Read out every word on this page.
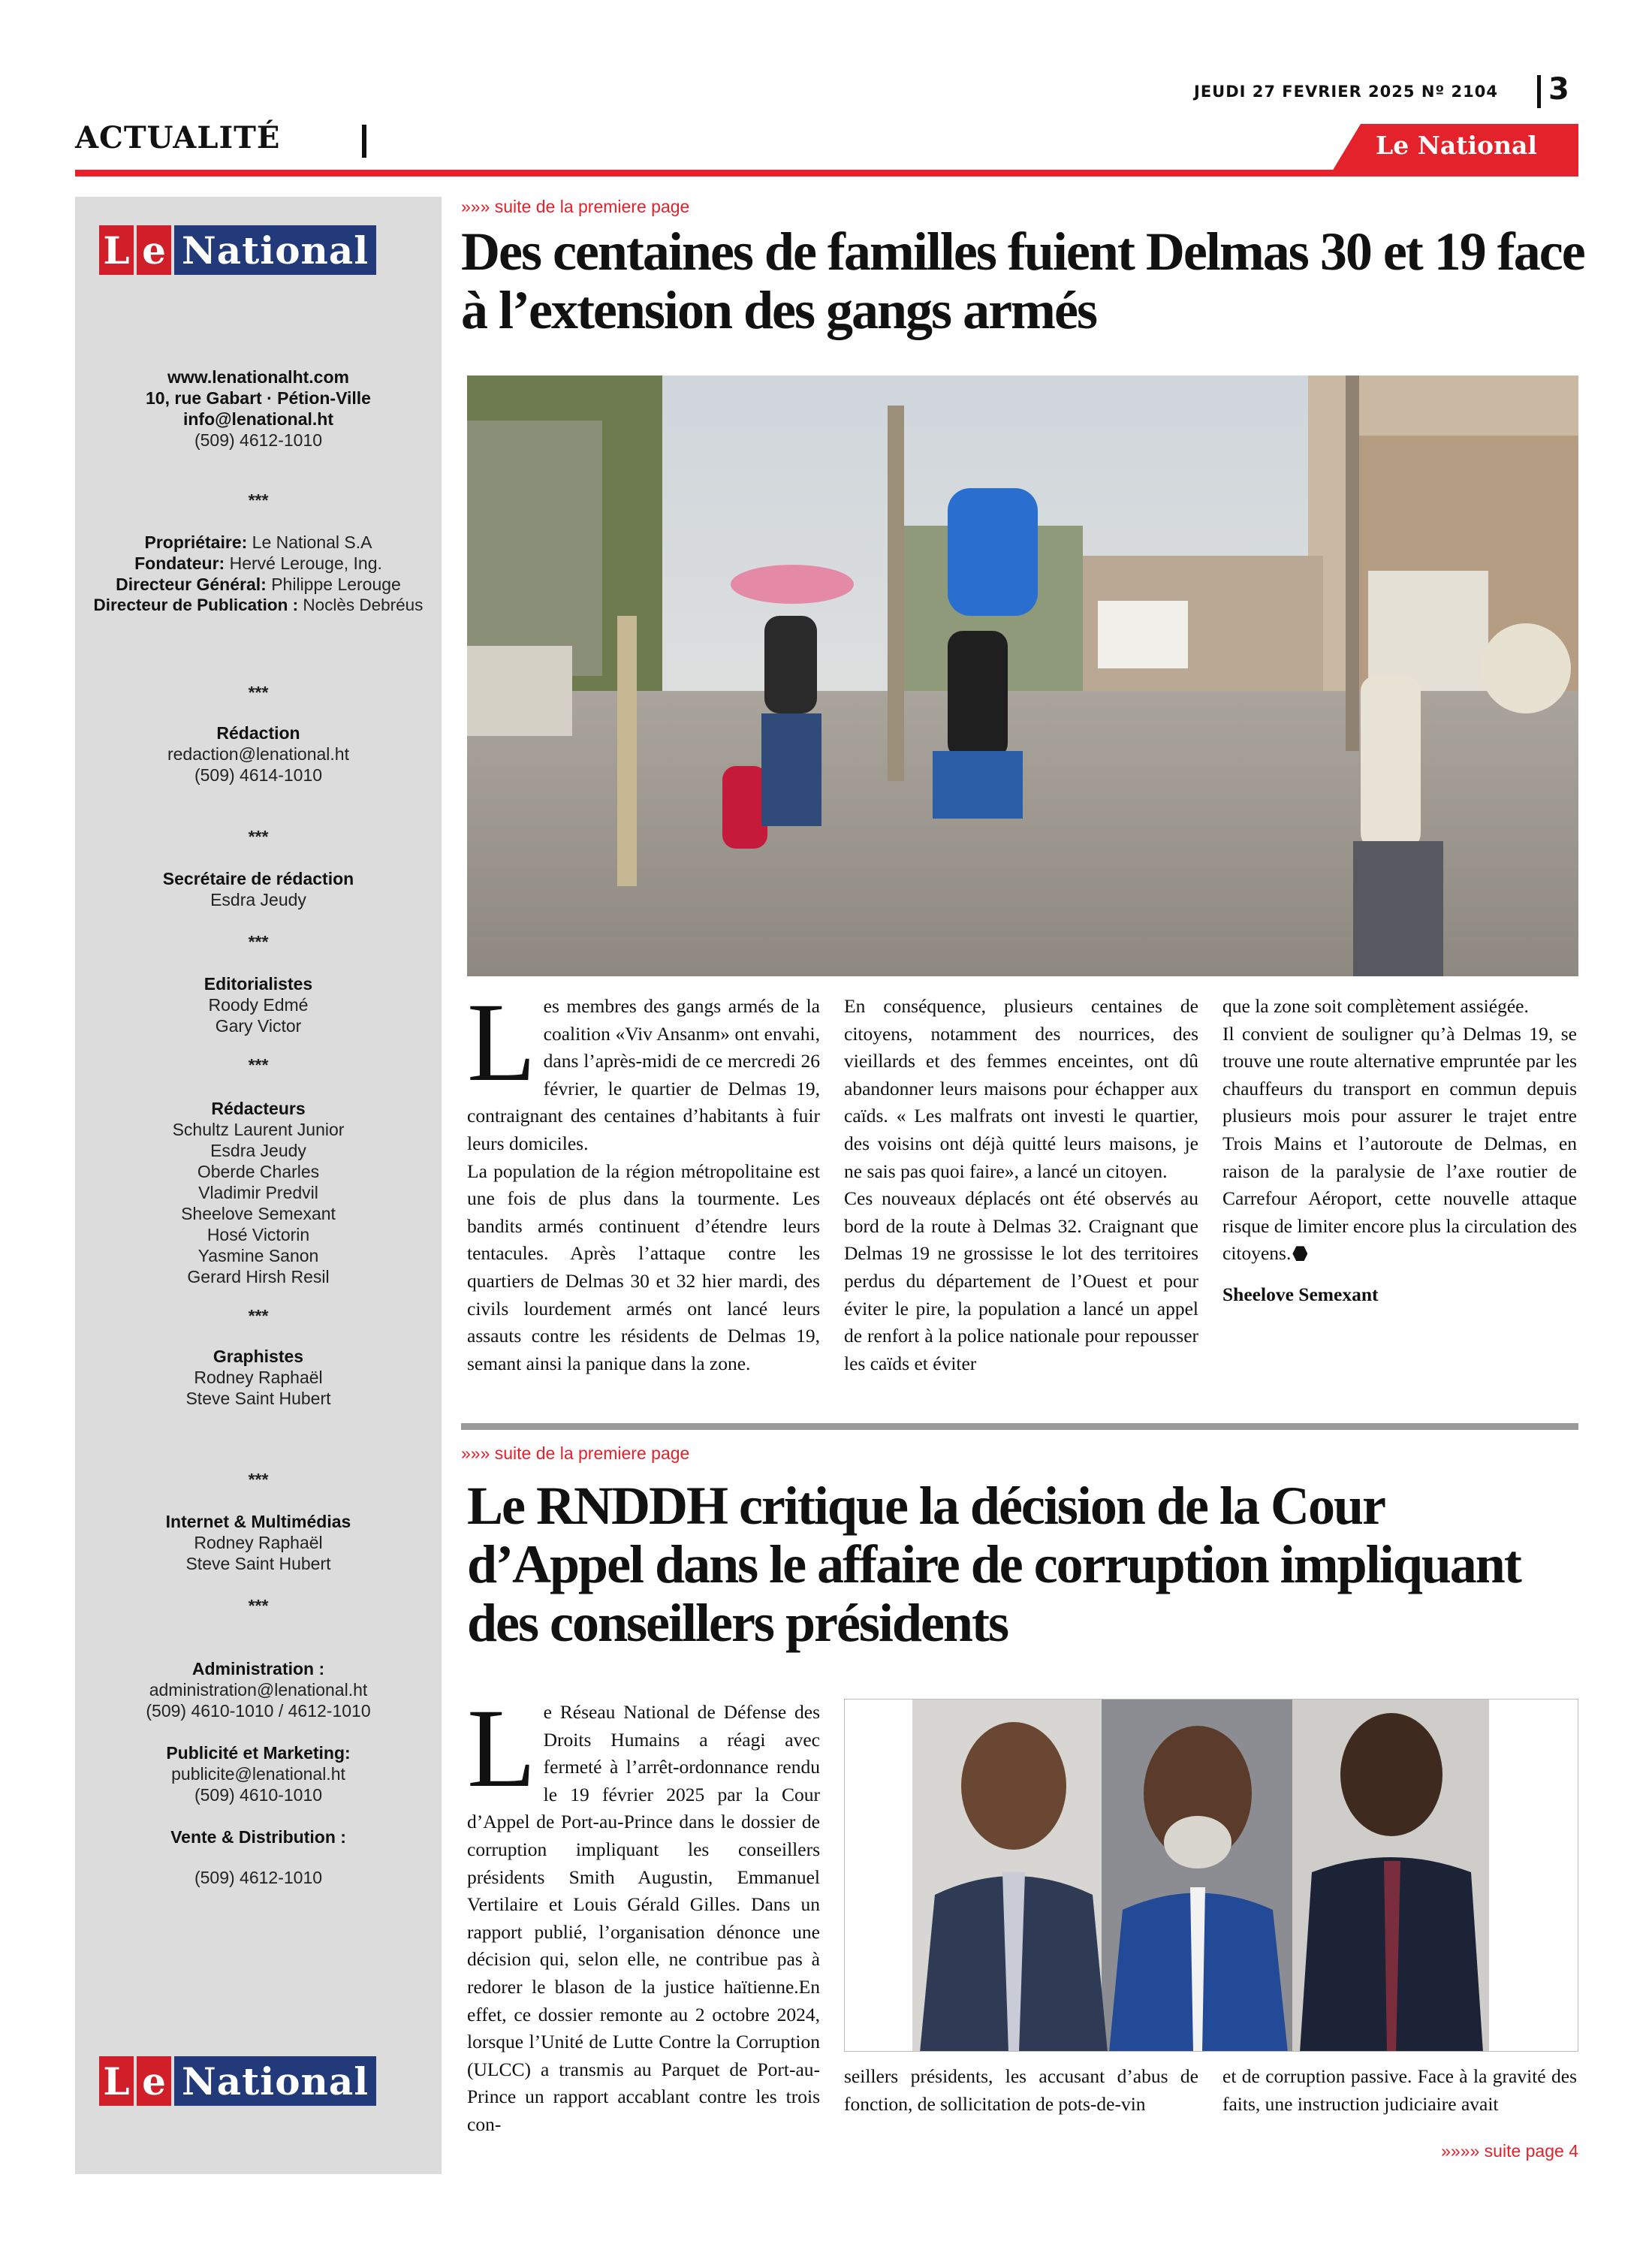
JEUDI 27 FEVRIER 2025 Nº 2104 3
ACTUALITÉ	Le National
L e National
www.lenationalht.com
10, rue Gabart · Pétion-Ville
info@lenational.ht
(509) 4612-1010
***
Propriétaire: Le National S.A
Fondateur: Hervé Lerouge, Ing.
Directeur Général: Philippe Lerouge
Directeur de Publication : Noclès Debréus
***
Rédaction
redaction@lenational.ht
(509) 4614-1010
***
Secrétaire de rédaction
Esdra Jeudy
***
Editorialistes
Roody Edmé
Gary Victor
***
Rédacteurs
Schultz Laurent Junior
Esdra Jeudy
Oberde Charles
Vladimir Predvil
Sheelove Semexant
Hosé Victorin
Yasmine Sanon
Gerard Hirsh Resil
***
Graphistes
Rodney Raphaël
Steve Saint Hubert
***
Internet & Multimédias
Rodney Raphaël
Steve Saint Hubert
***
Administration :
administration@lenational.ht
(509) 4610-1010 / 4612-1010
Publicité et Marketing:
publicite@lenational.ht
(509) 4610-1010
Vente & Distribution :
(509) 4612-1010
L e National
»»» suite de la premiere page
Des centaines de familles fuient Delmas 30 et 19 face à l’extension des gangs armés
Les membres des gangs armés de la coalition «Viv Ansanm» ont envahi, dans l’après-midi de ce mercredi 26 février, le quartier de Delmas 19, contraignant des centaines d’habitants à fuir leurs domiciles.
La population de la région métropolitaine est une fois de plus dans la tourmente. Les bandits armés continuent d’étendre leurs tentacules. Après l’attaque contre les quartiers de Delmas 30 et 32 hier mardi, des civils lourdement armés ont lancé leurs assauts contre les résidents de Delmas 19, semant ainsi la panique dans la zone.
En conséquence, plusieurs centaines de citoyens, notamment des nourrices, des vieillards et des femmes enceintes, ont dû abandonner leurs maisons pour échapper aux caïds. « Les malfrats ont investi le quartier, des voisins ont déjà quitté leurs maisons, je ne sais pas quoi faire», a lancé un citoyen.
Ces nouveaux déplacés ont été observés au bord de la route à Delmas 32. Craignant que Delmas 19 ne grossisse le lot des territoires perdus du département de l’Ouest et pour éviter le pire, la population a lancé un appel de renfort à la police nationale pour repousser les caïds et éviter
que la zone soit complètement assiégée.
Il convient de souligner qu’à Delmas 19, se trouve une route alternative empruntée par les chauffeurs du transport en commun depuis plusieurs mois pour assurer le trajet entre Trois Mains et l’autoroute de Delmas, en raison de la paralysie de l’axe routier de Carrefour Aéroport, cette nouvelle attaque risque de limiter encore plus la circulation des citoyens.
Sheelove Semexant
»»» suite de la premiere page
Le RNDDH critique la décision de la Cour d’Appel dans le affaire de corruption impliquant des conseillers présidents
Le Réseau National de Défense des Droits Humains a réagi avec fermeté à l’arrêt-ordonnance rendu le 19 février 2025 par la Cour d’Appel de Port-au-Prince dans le dossier de corruption impliquant les conseillers présidents Smith Augustin, Emmanuel Vertilaire et Louis Gérald Gilles. Dans un rapport publié, l’organisation dénonce une décision qui, selon elle, ne contribue pas à redorer le blason de la justice haïtienne.En effet, ce dossier remonte au 2 octobre 2024, lorsque l’Unité de Lutte Contre la Corruption (ULCC) a transmis au Parquet de Port-au-Prince un rapport accablant contre les trois con-
seillers présidents, les accusant d’abus de fonction, de sollicitation de pots-de-vin
et de corruption passive. Face à la gravité des faits, une instruction judiciaire avait
»»»» suite page 4
